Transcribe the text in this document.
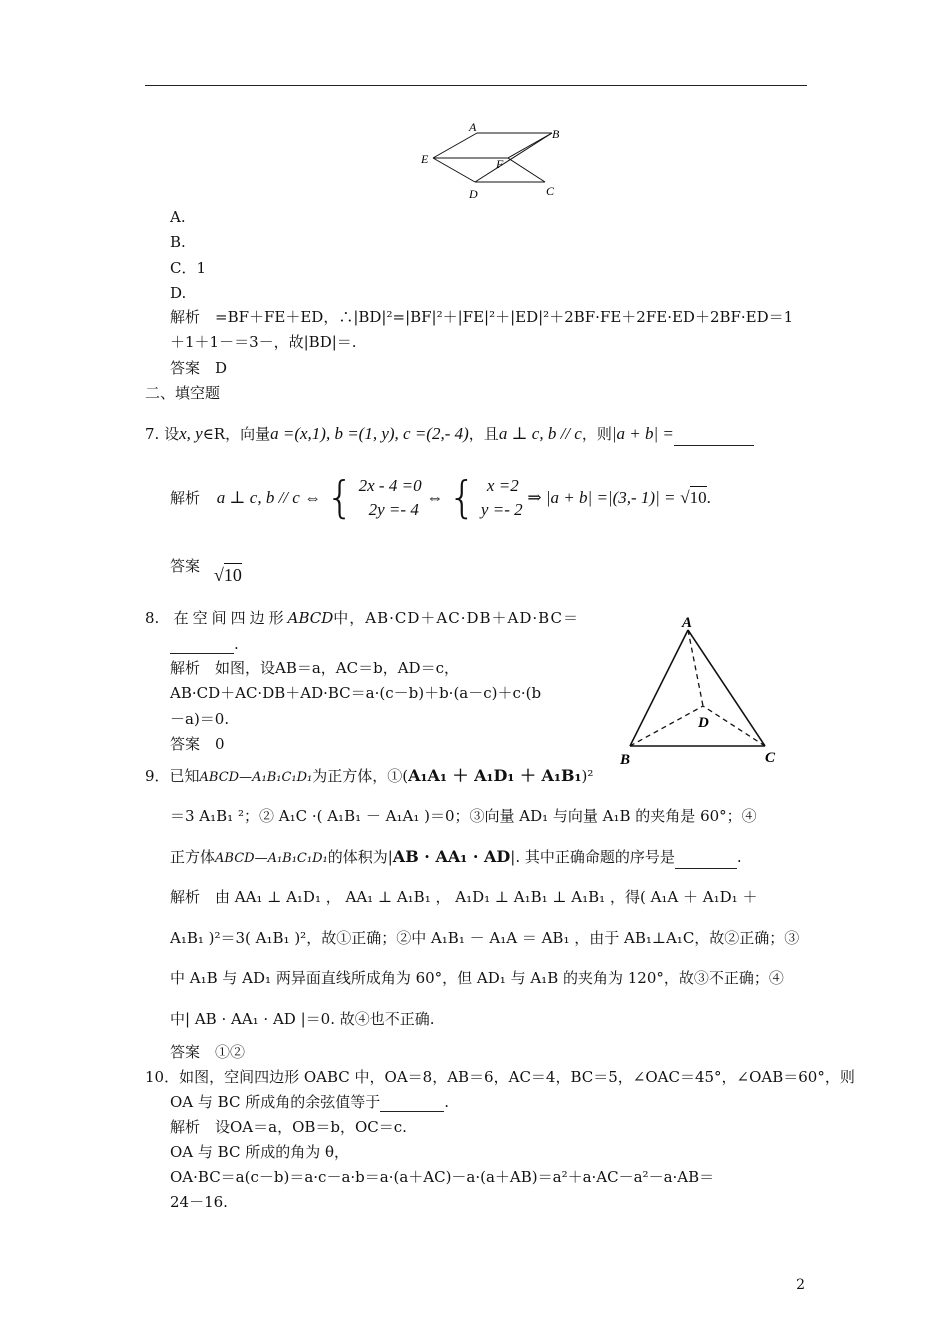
A	B
E	F
D	C
A.
B.
C．1
D.
解析　=BF＋FE＋ED，∴|BD|²=|BF|²＋|FE|²＋|ED|²＋2BF·FE＋2FE·ED＋2BF·ED＝1
＋1＋1－＝3－，故|BD|＝.
答案　D
二、填空题
7. 设x, y∈R，向量a =(x,1), b =(1, y), c =(2,- 4)，且a ⊥ c, b // c，则|a + b| =
解析 a ⊥ c, b // c ⇔ { 2x - 4 =0
2y =- 4
⇔ { x =2
y =- 2
⇒ |a + b| =|(3,- 1)| = √10.
答案 √10
8. 在空间四边形ABCD中，AB·CD＋AC·DB＋AD·BC＝
.
解析　如图，设AB＝a，AC＝b，AD＝c，
AB·CD＋AC·DB＋AD·BC＝a·(c－b)＋b·(a－c)＋c·(b
－a)＝0.
答案　0
A
D
B	C
9．已知ABCD—A₁B₁C₁D₁为正方体，①(A₁A₁ ＋ A₁D₁ ＋ A₁B₁)²
＝3 A₁B₁ ²；② A₁C ·( A₁B₁ － A₁A₁ )＝0；③向量 AD₁ 与向量 A₁B 的夹角是 60°；④
正方体ABCD—A₁B₁C₁D₁的体积为|AB · AA₁ · AD|. 其中正确命题的序号是	.
解析　由 AA₁ ⊥ A₁D₁ ， AA₁ ⊥ A₁B₁ ， A₁D₁ ⊥ A₁B₁ ⊥ A₁B₁ ，得( A₁A ＋ A₁D₁ ＋
A₁B₁ )²＝3( A₁B₁ )²，故①正确；②中 A₁B₁ － A₁A ＝ AB₁ ，由于 AB₁⊥A₁C，故②正确；③
中 A₁B 与 AD₁ 两异面直线所成角为 60°，但 AD₁ 与 A₁B 的夹角为 120°，故③不正确；④
中| AB · AA₁ · AD |＝0. 故④也不正确.
答案　①②
10．如图，空间四边形 OABC 中，OA＝8，AB＝6，AC＝4，BC＝5，∠OAC＝45°，∠OAB＝60°，则
OA 与 BC 所成角的余弦值等于	.
解析　设OA＝a，OB＝b，OC＝c.
OA 与 BC 所成的角为 θ，
OA·BC＝a(c－b)＝a·c－a·b＝a·(a＋AC)－a·(a＋AB)＝a²＋a·AC－a²－a·AB＝
24－16.
2
